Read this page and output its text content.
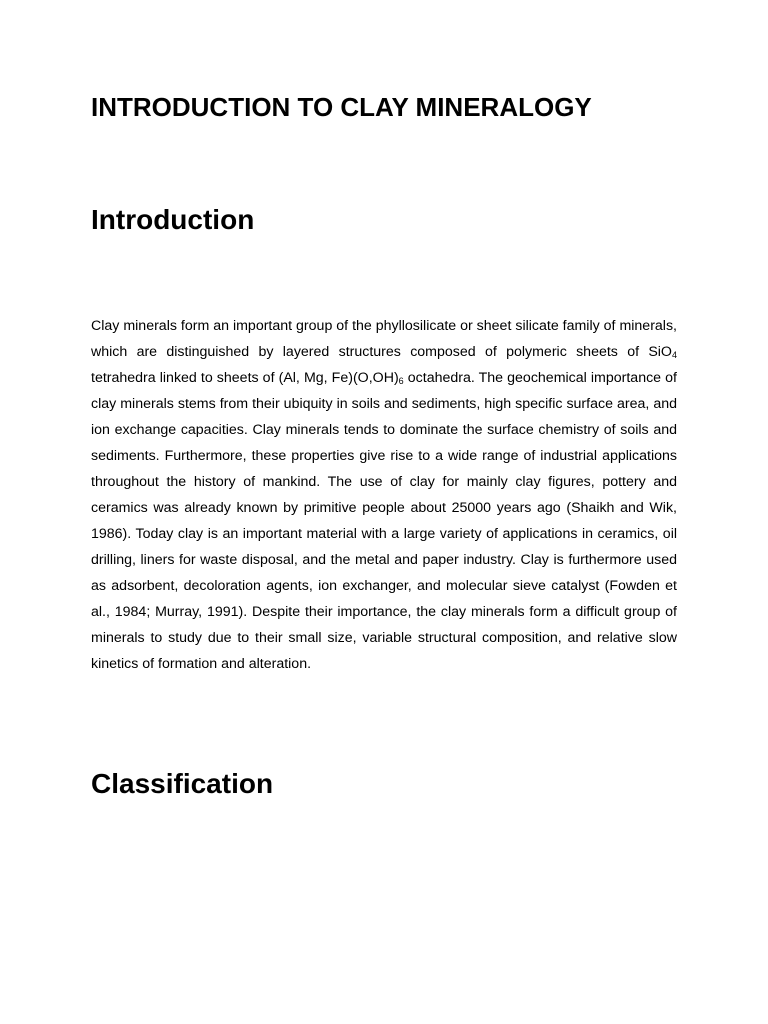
INTRODUCTION TO CLAY MINERALOGY
Introduction

Clay minerals form an important group of the phyllosilicate or sheet silicate family of minerals, which are distinguished by layered structures composed of polymeric sheets of SiO$_4$ tetrahedra linked to sheets of (Al, Mg, $Fe)(O,OH)_6$ octahedra. The geochemical importance of clay minerals stems from their ubiquity in soils and sediments, high specific surface area, and ion exchange capacities. Clay minerals tends to dominate the surface chemistry of soils and sediments. Furthermore, these properties give rise to a wide range of industrial applications throughout the history of mankind. The use of clay for mainly clay figures, pottery and ceramics was already known by primitive people about 25000 years ago (Shaikh and Wik, 1986). Today clay is an important material with a large variety of applications in ceramics, oil drilling, liners for waste disposal, and the metal and paper industry. Clay is furthermore used as adsorbent, decoloration agents, ion exchanger, and molecular sieve catalyst (Fowden et al., 1984; Murray, 1991). Despite their importance, the clay minerals form a difficult group of minerals to study due to their small size, variable structural composition, and relative slow kinetics of formation and alteration.

Classification
